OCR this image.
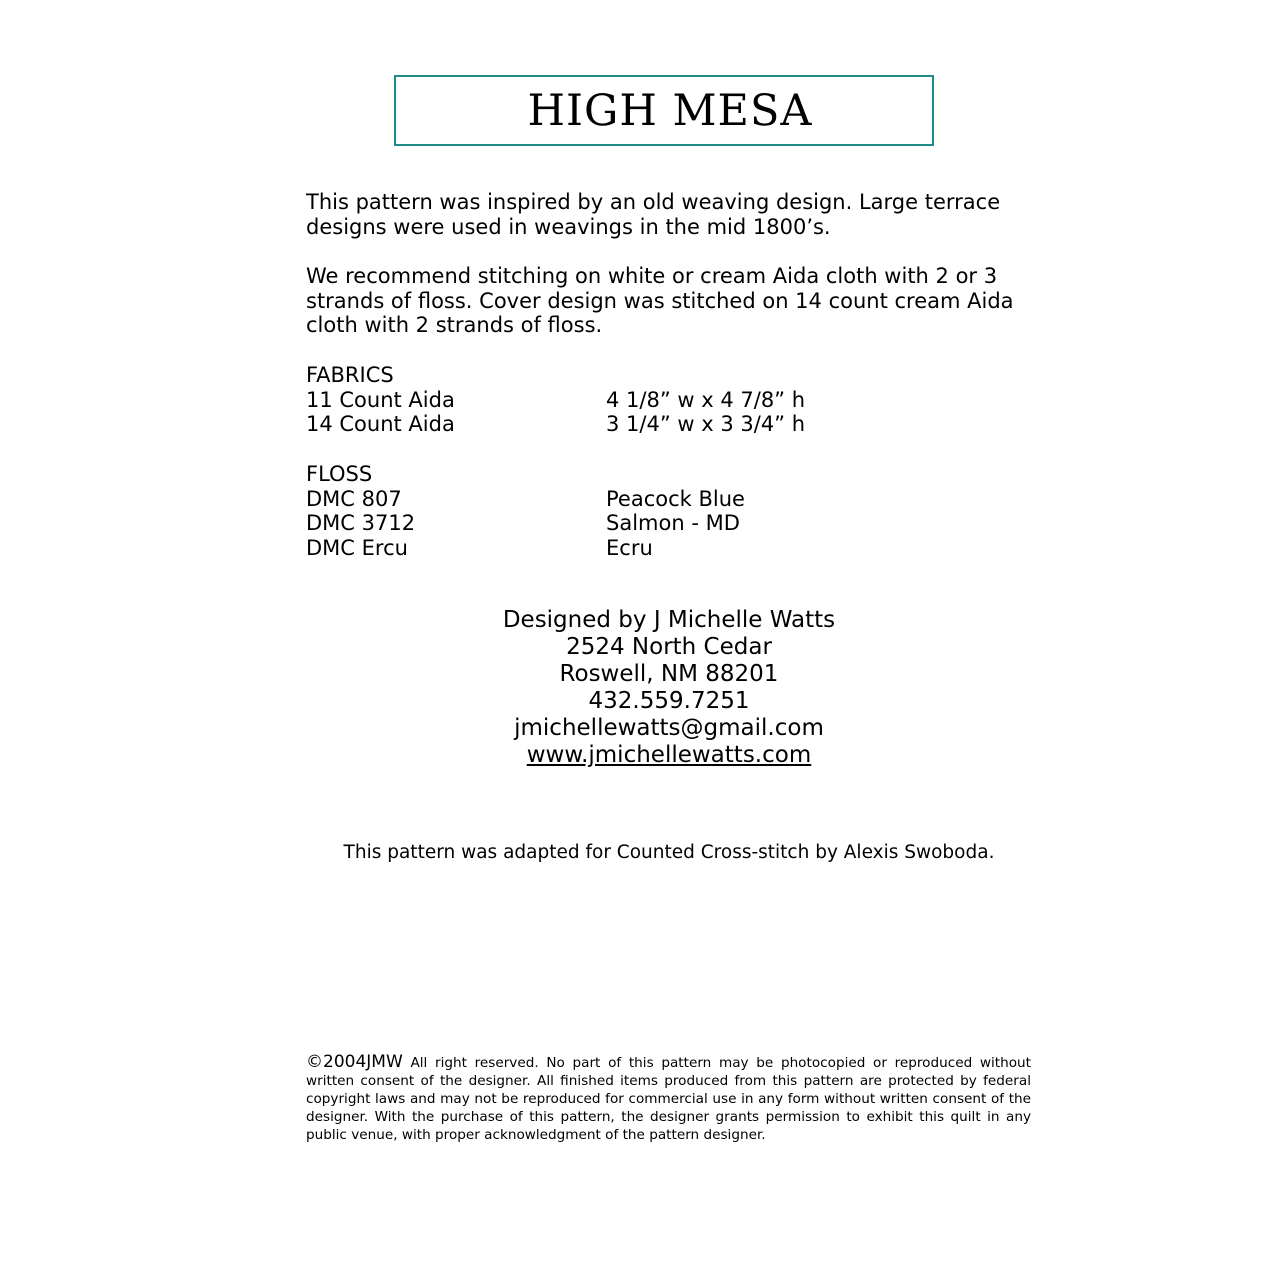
HIGH MESA
This pattern was inspired by an old weaving design. Large terrace
designs were used in weavings in the mid 1800’s.
We recommend stitching on white or cream Aida cloth with 2 or 3
strands of floss. Cover design was stitched on 14 count cream Aida
cloth with 2 strands of floss.
FABRICS
11 Count Aida	4 1/8” w x 4 7/8” h
14 Count Aida	3 1/4” w x 3 3/4” h
FLOSS
DMC 807	Peacock Blue
DMC 3712	Salmon - MD
DMC Ercu	Ecru
Designed by J Michelle Watts
2524 North Cedar
Roswell, NM 88201
432.559.7251
jmichellewatts@gmail.com
www.jmichellewatts.com
This pattern was adapted for Counted Cross-stitch by Alexis Swoboda.
©2004JMW All right reserved. No part of this pattern may be photocopied or reproduced without written consent of the designer. All finished items produced from this pattern are protected by federal copyright laws and may not be reproduced for commercial use in any form without written consent of the designer. With the purchase of this pattern, the designer grants permission to exhibit this quilt in any public venue, with proper acknowledgment of the pattern designer.
